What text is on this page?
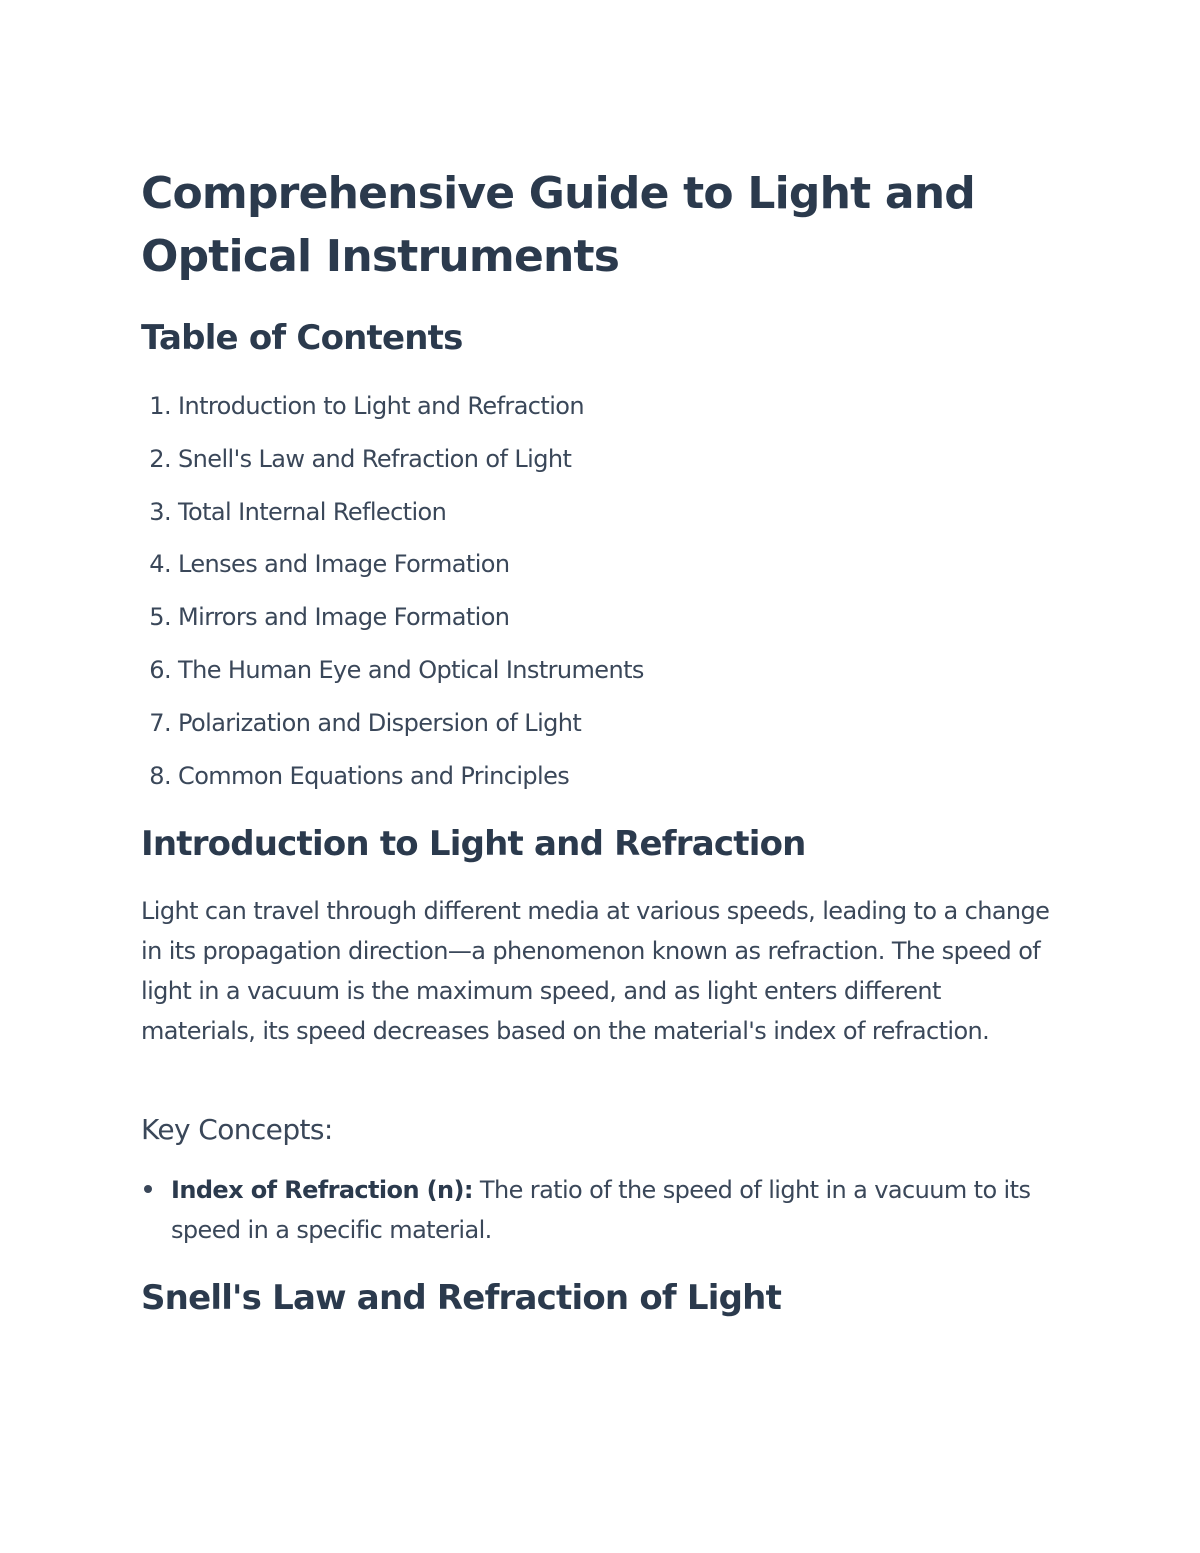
Comprehensive Guide to Light and Optical Instruments
Table of Contents
1. Introduction to Light and Refraction
2. Snell's Law and Refraction of Light
3. Total Internal Reflection
4. Lenses and Image Formation
5. Mirrors and Image Formation
6. The Human Eye and Optical Instruments
7. Polarization and Dispersion of Light
8. Common Equations and Principles
Introduction to Light and Refraction

Light can travel through different media at various speeds, leading to a change in its propagation direction—a phenomenon known as refraction. The speed of light in a vacuum is the maximum speed, and as light enters different materials, its speed decreases based on the material's index of refraction.

Key Concepts:
Index of Refraction (n): The ratio of the speed of light in a vacuum to its speed in a specific material.
Snell's Law and Refraction of Light
